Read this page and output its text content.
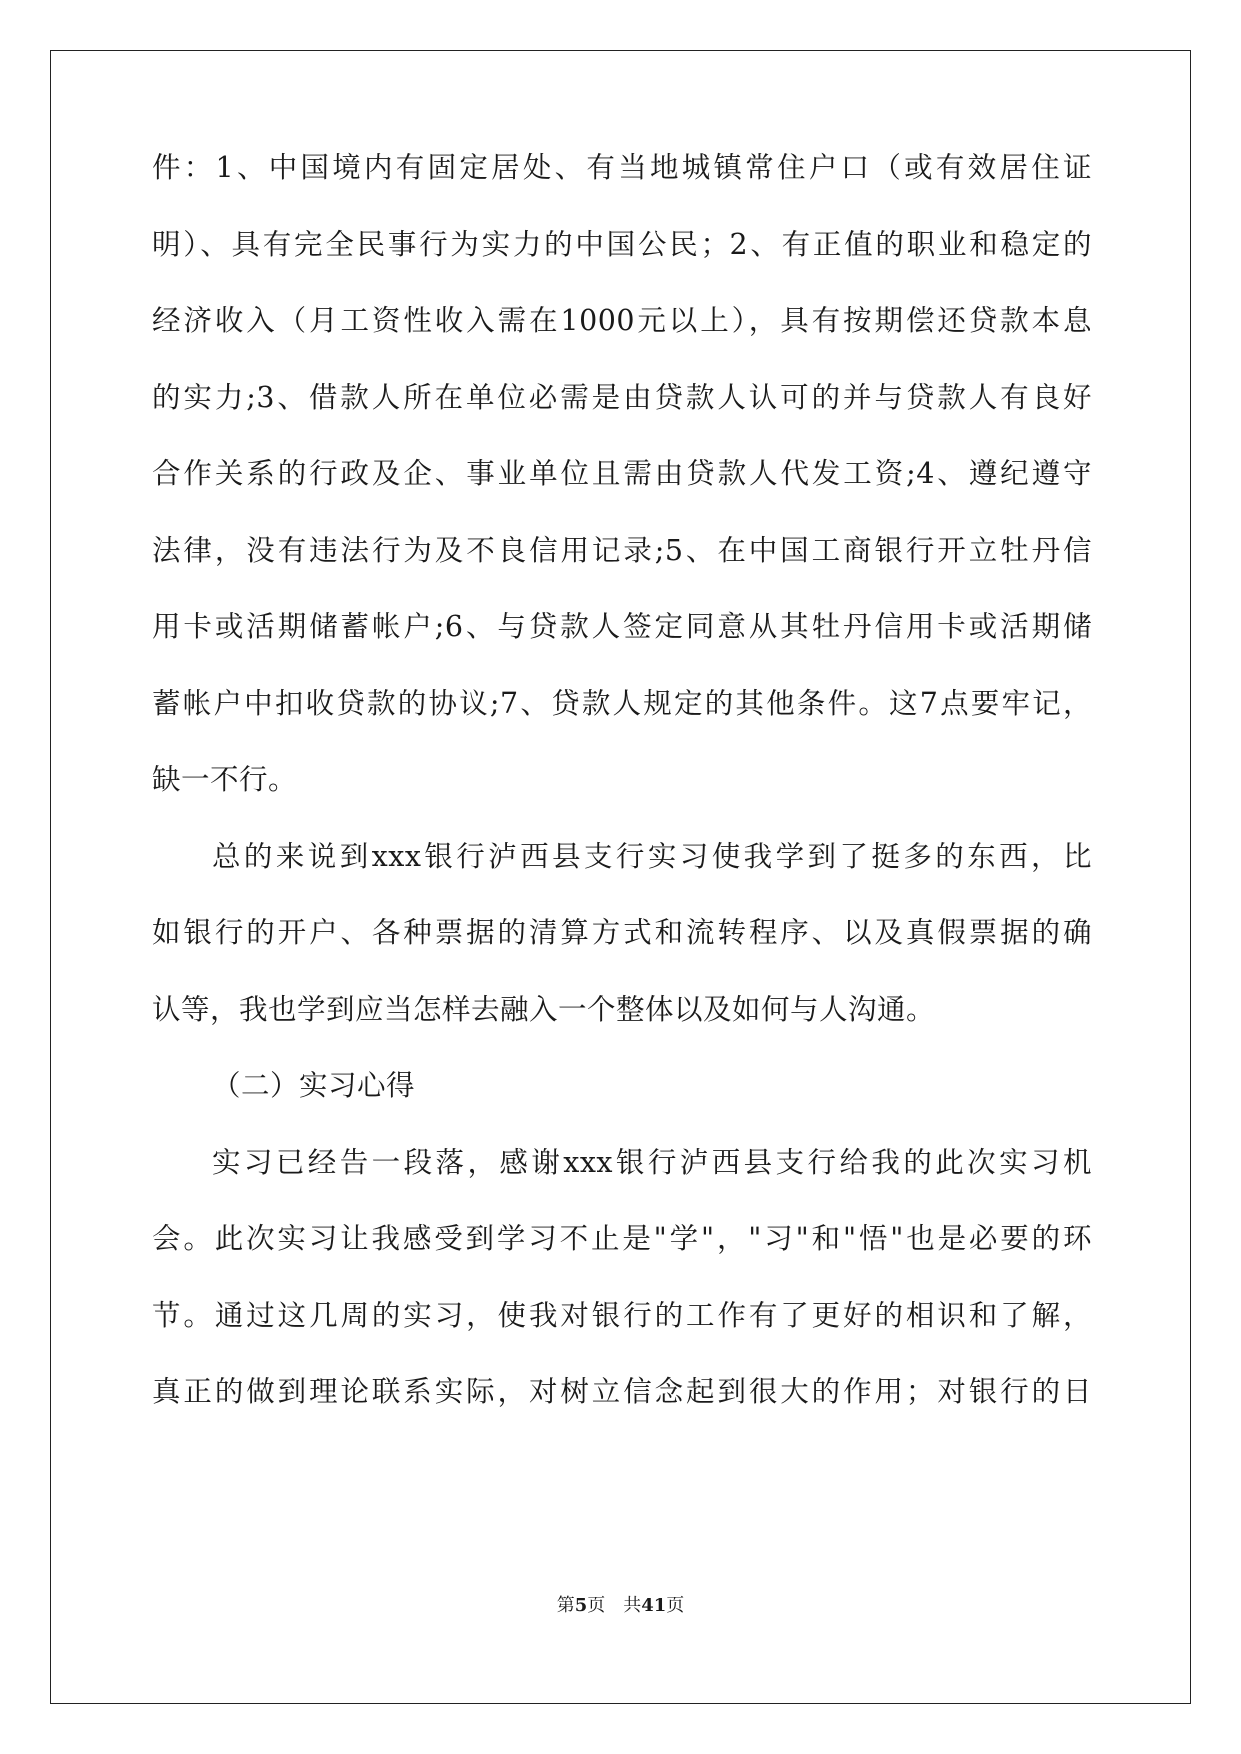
件：1、中国境内有固定居处、有当地城镇常住户口（或有效居住证
明）、具有完全民事行为实力的中国公民；2、有正值的职业和稳定的
经济收入（月工资性收入需在1000元以上），具有按期偿还贷款本息
的实力;3、借款人所在单位必需是由贷款人认可的并与贷款人有良好
合作关系的行政及企、事业单位且需由贷款人代发工资;4、遵纪遵守
法律，没有违法行为及不良信用记录;5、在中国工商银行开立牡丹信
用卡或活期储蓄帐户;6、与贷款人签定同意从其牡丹信用卡或活期储
蓄帐户中扣收贷款的协议;7、贷款人规定的其他条件。这7点要牢记，
缺一不行。
总的来说到xxx银行泸西县支行实习使我学到了挺多的东西，比
如银行的开户、各种票据的清算方式和流转程序、以及真假票据的确
认等，我也学到应当怎样去融入一个整体以及如何与人沟通。
（二）实习心得
实习已经告一段落，感谢xxx银行泸西县支行给我的此次实习机
会。此次实习让我感受到学习不止是"学"，"习"和"悟"也是必要的环
节。通过这几周的实习，使我对银行的工作有了更好的相识和了解，
真正的做到理论联系实际，对树立信念起到很大的作用；对银行的日
第5页　共41页
